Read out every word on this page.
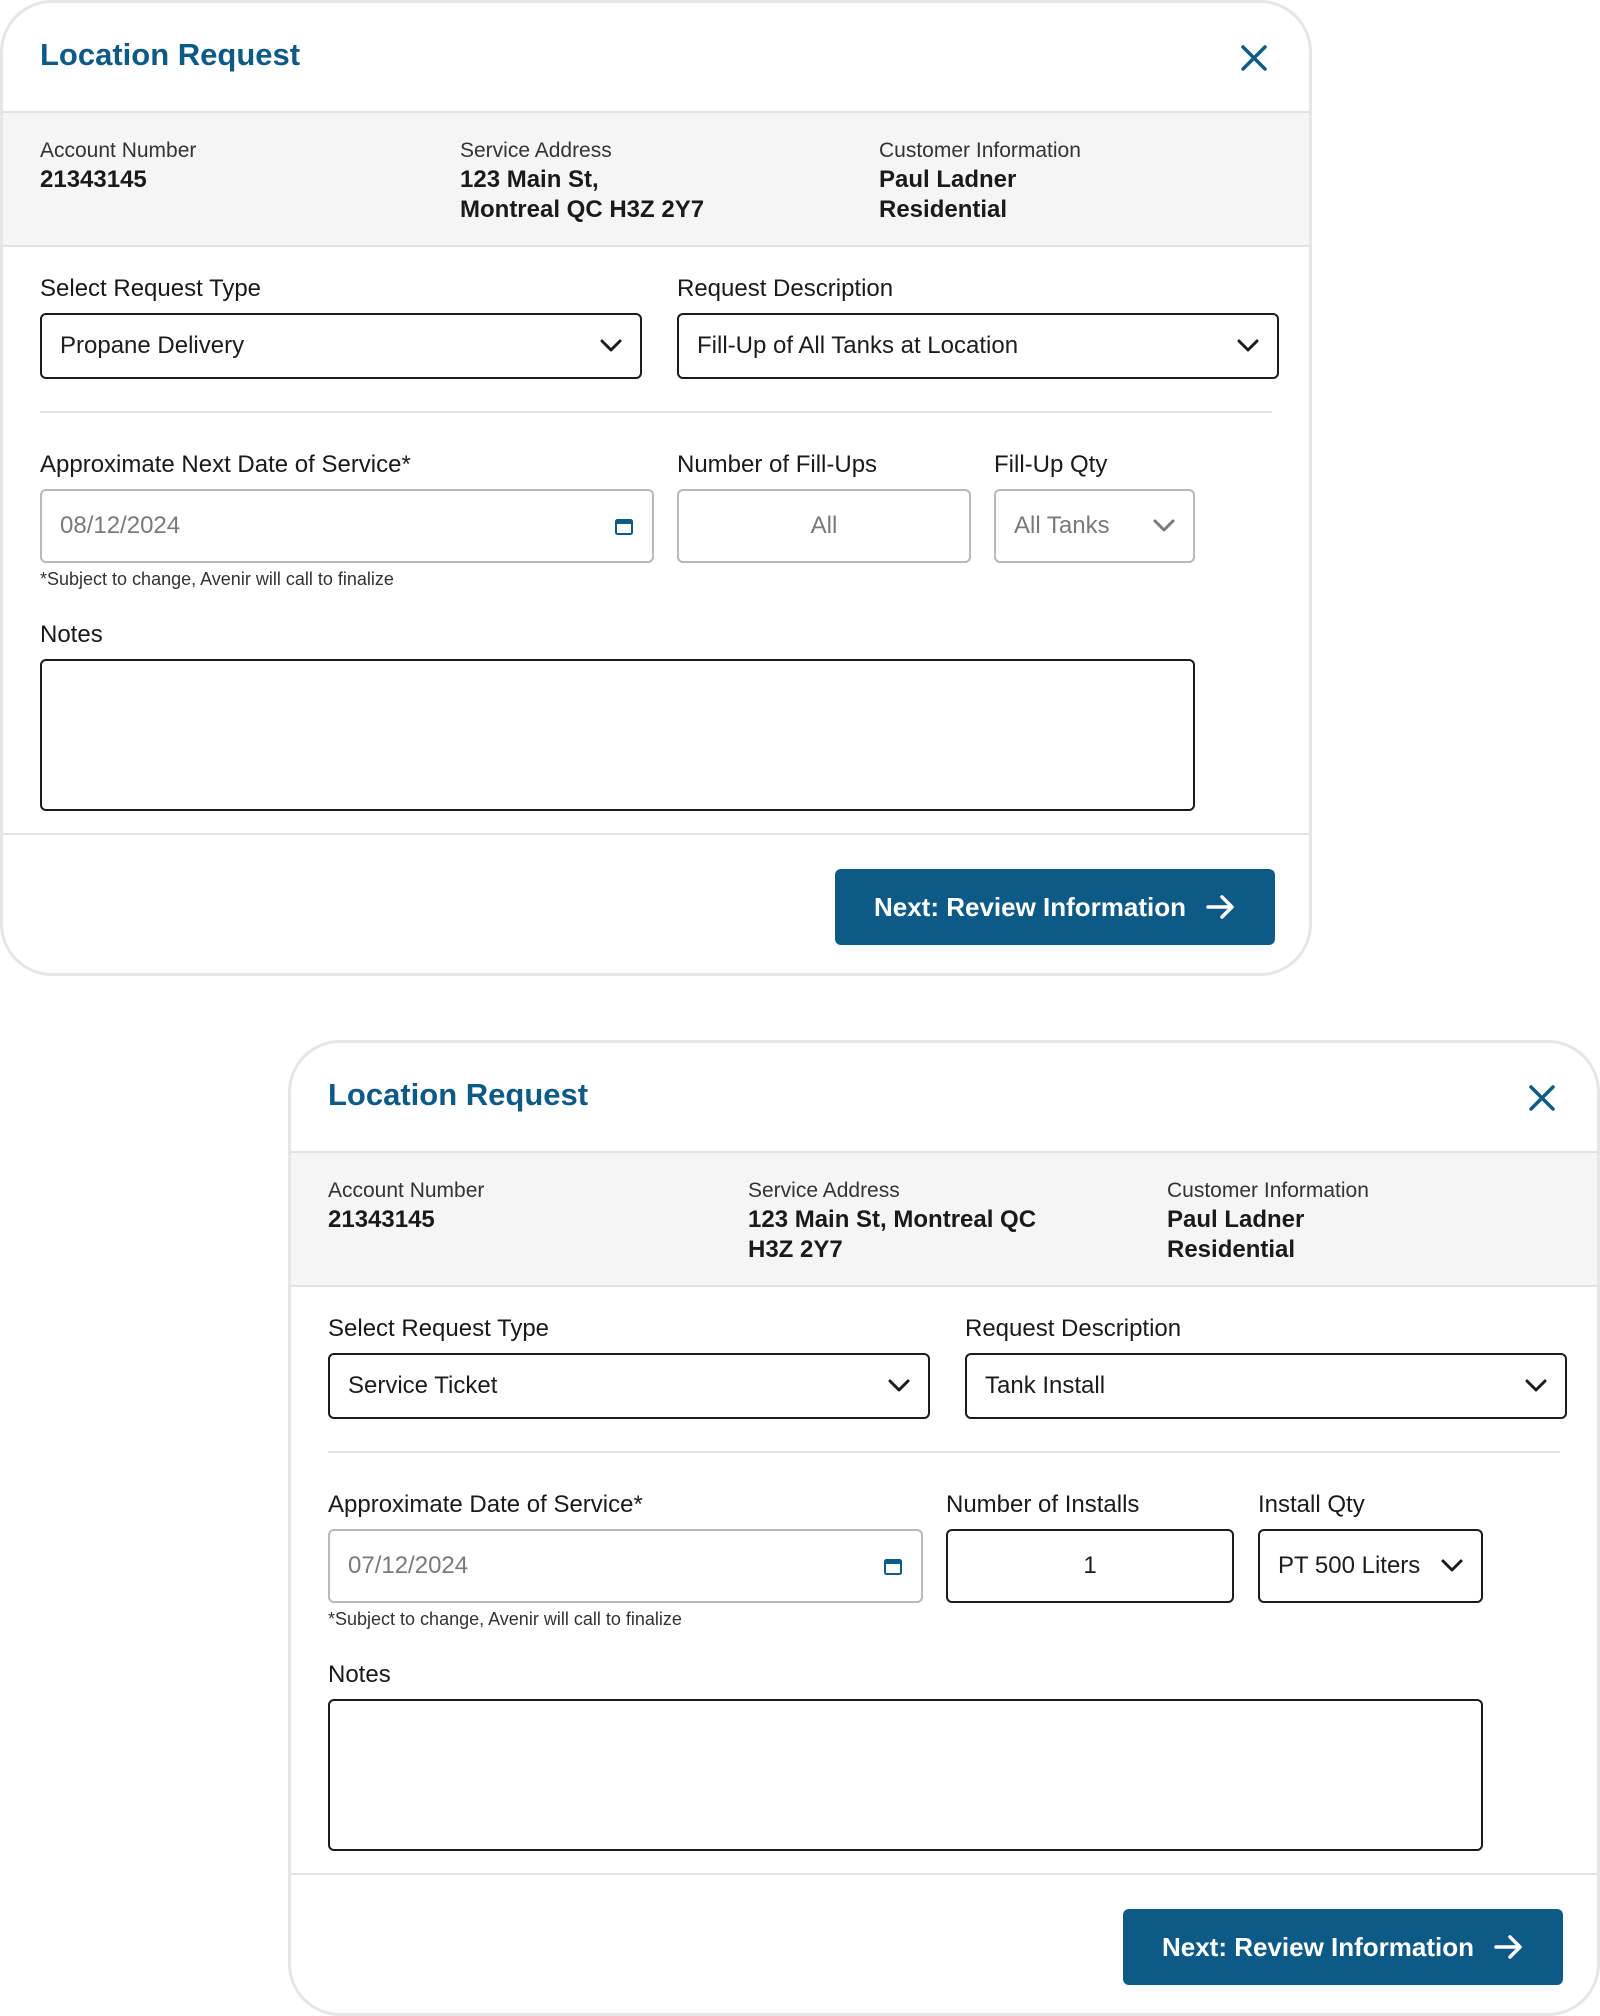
Location Request
Account Number
21343145
Service Address
123 Main St,
Montreal QC H3Z 2Y7
Customer Information
Paul Ladner
Residential
Select Request Type
Propane Delivery
Request Description
Fill-Up of All Tanks at Location
Approximate Next Date of Service*
08/12/2024
*Subject to change, Avenir will call to finalize
Number of Fill-Ups
All
Fill-Up Qty
All Tanks
Notes
Next: Review Information
Location Request
Account Number
21343145
Service Address
123 Main St, Montreal QC
H3Z 2Y7
Customer Information
Paul Ladner
Residential
Select Request Type
Service Ticket
Request Description
Tank Install
Approximate Date of Service*
07/12/2024
*Subject to change, Avenir will call to finalize
Number of Installs
1
Install Qty
PT 500 Liters
Notes
Next: Review Information
